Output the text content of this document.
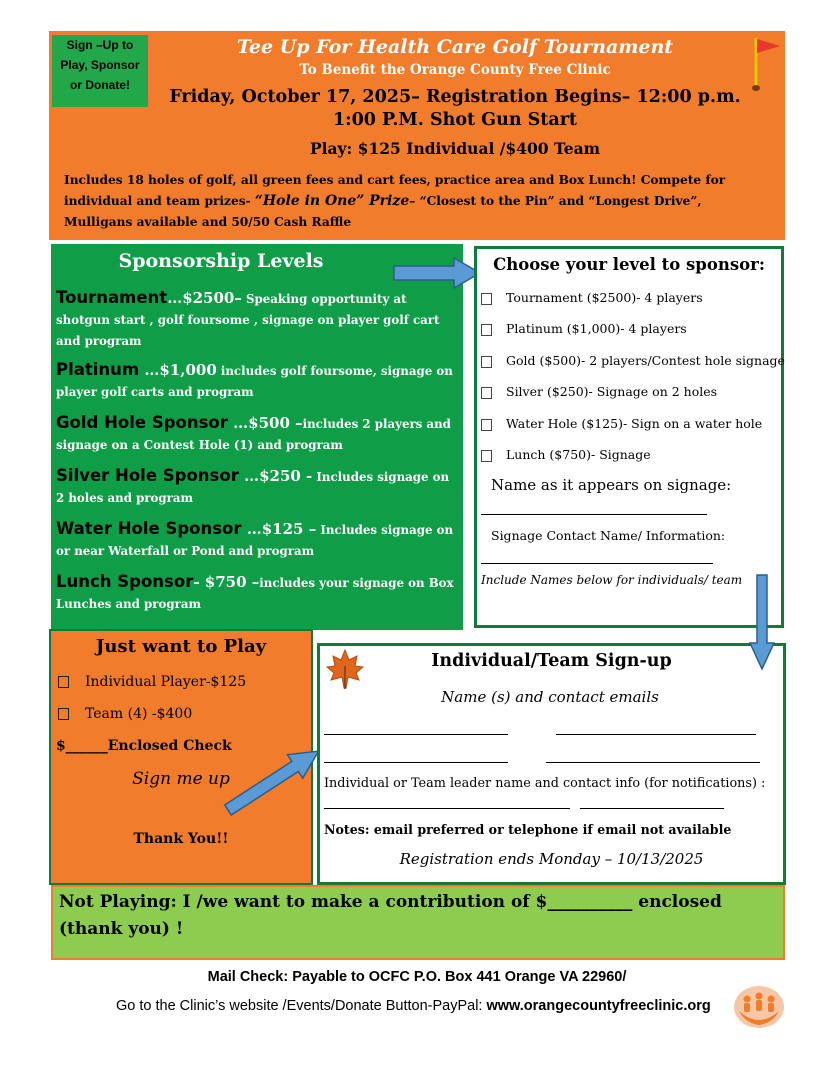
Sign –Up to
Play, Sponsor
or Donate!
Tee Up For Health Care Golf Tournament
To Benefit the Orange County Free Clinic
Friday, October 17, 2025– Registration Begins– 12:00 p.m.
1:00 P.M. Shot Gun Start
Play: $125 Individual /$400 Team
Includes 18 holes of golf, all green fees and cart fees, practice area and Box Lunch! Compete for individual and team prizes- “Hole in One” Prize– “Closest to the Pin” and “Longest Drive”, Mulligans available and 50/50 Cash Raffle
Sponsorship Levels
Tournament…$2500– Speaking opportunity at shotgun start , golf foursome , signage on player golf cart and program
Platinum …$1,000 includes golf foursome, signage on player golf carts and program
Gold Hole Sponsor …$500 –includes 2 players and signage on a Contest Hole (1) and program
Silver Hole Sponsor …$250 - Includes signage on 2 holes and program
Water Hole Sponsor …$125 – Includes signage on or near Waterfall or Pond and program
Lunch Sponsor- $750 –includes your signage on Box Lunches and program
Choose your level to sponsor:
Tournament ($2500)- 4 players
Platinum ($1,000)- 4 players
Gold ($500)- 2 players/Contest hole signage
Silver ($250)- Signage on 2 holes
Water Hole ($125)- Sign on a water hole
Lunch ($750)- Signage
Name as it appears on signage:
Signage Contact Name/ Information:
Include Names below for individuals/ team
Just want to Play
Individual Player-$125
Team (4) -$400
$______Enclosed Check
Sign me up
Thank You!!
Individual/Team Sign-up
Name (s) and contact emails
Individual or Team leader name and contact info (for notifications) :
Notes: email preferred or telephone if email not available
Registration ends Monday – 10/13/2025
Not Playing: I /we want to make a contribution of $__________ enclosed (thank you) !
Mail Check: Payable to OCFC P.O. Box 441 Orange VA 22960/
Go to the Clinic’s website /Events/Donate Button-PayPal: www.orangecountyfreeclinic.org
